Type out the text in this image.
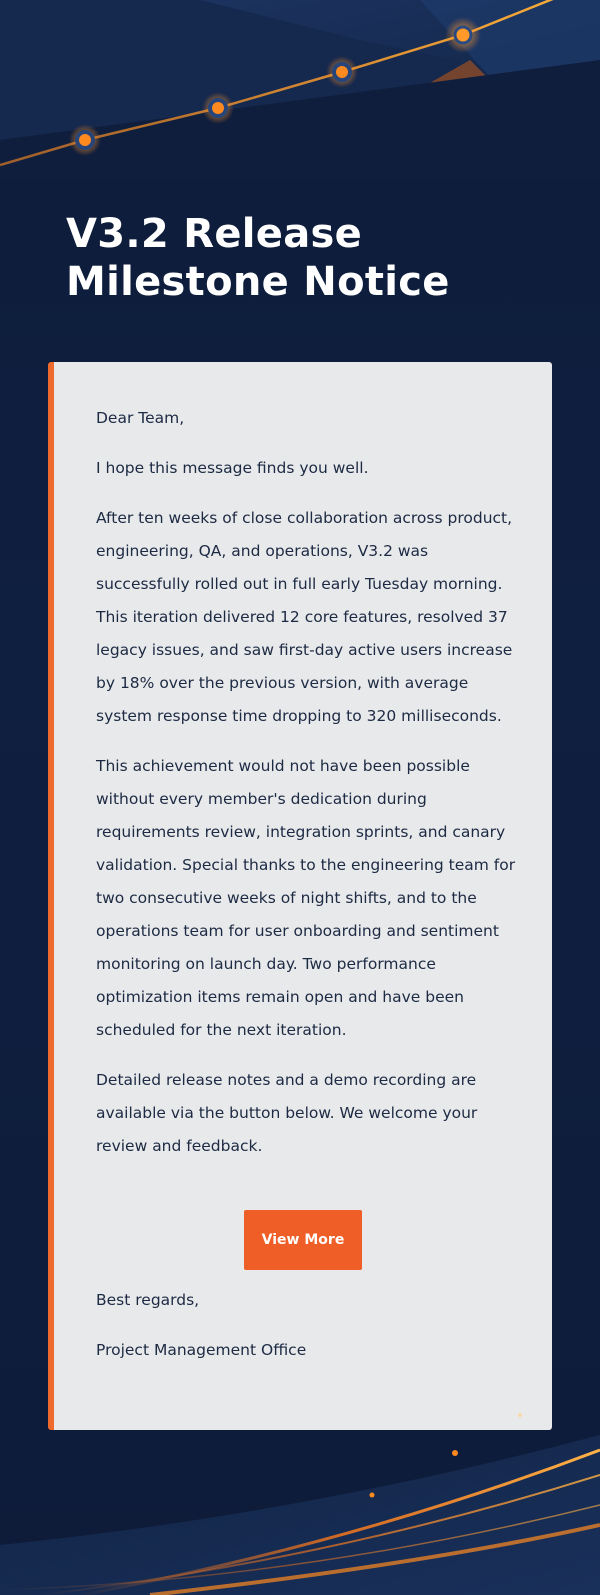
V3.2 Release Milestone Notice

Dear Team,

I hope this message finds you well.

After ten weeks of close collaboration across product, engineering, QA, and operations, V3.2 was successfully rolled out in full early Tuesday morning. This iteration delivered 12 core features, resolved 37 legacy issues, and saw first-day active users increase by 18% over the previous version, with average system response time dropping to 320 milliseconds.

This achievement would not have been possible without every member's dedication during requirements review, integration sprints, and canary validation. Special thanks to the engineering team for two consecutive weeks of night shifts, and to the operations team for user onboarding and sentiment monitoring on launch day. Two performance optimization items remain open and have been scheduled for the next iteration.

Detailed release notes and a demo recording are available via the button below. We welcome your review and feedback.

View More

Best regards,

Project Management Office
